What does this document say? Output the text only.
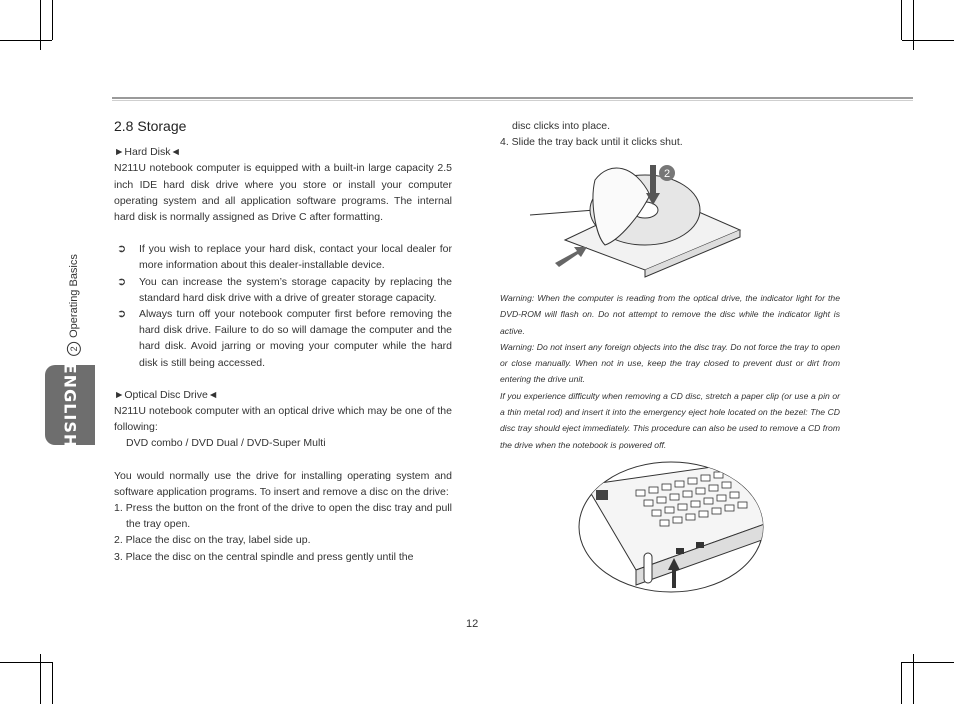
ENGLISH
2
Operating Basics

2.8 Storage

►Hard Disk◄

N211U notebook computer is equipped with a built-in large capacity 2.5 inch IDE hard disk drive where you store or install your computer operating system and all application software programs. The internal hard disk is normally assigned as Drive C after formatting.

➲ If you wish to replace your hard disk, contact your local dealer for more information about this dealer-installable device.

➲ You can increase the system’s storage capacity by replacing the standard hard disk drive with a drive of greater storage capacity.

➲ Always turn off your notebook computer first before removing the hard disk drive. Failure to do so will damage the computer and the hard disk. Avoid jarring or moving your computer while the hard disk is still being accessed.

►Optical Disc Drive◄

N211U notebook computer with an optical drive which may be one of the following:

DVD combo / DVD Dual / DVD-Super Multi

You would normally use the drive for installing operating system and software application programs. To insert and remove a disc on the drive:

1. Press the button on the front of the drive to open the disc tray and pull the tray open.

2. Place the disc on the tray, label side up.

3. Place the disc on the central spindle and press gently until the

disc clicks into place.

4. Slide the tray back until it clicks shut.

2

Warning: When the computer is reading from the optical drive, the indicator light for the DVD-ROM will flash on. Do not attempt to remove the disc while the indicator light is active.

Warning: Do not insert any foreign objects into the disc tray. Do not force the tray to open or close manually. When not in use, keep the tray closed to prevent dust or dirt from entering the drive unit.

If you experience difficulty when removing a CD disc, stretch a paper clip (or use a pin or a thin metal rod) and insert it into the emergency eject hole located on the bezel: The CD disc tray should eject immediately. This procedure can also be used to remove a CD from the drive when the notebook is powered off.

12
